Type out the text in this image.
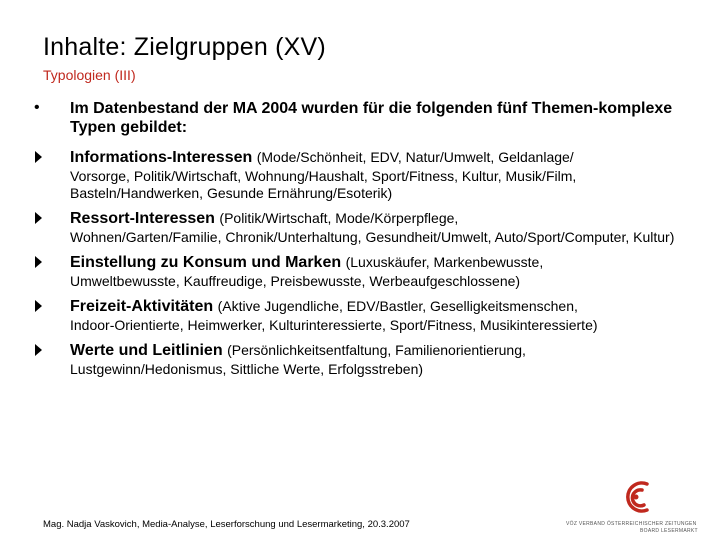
Inhalte: Zielgruppen (XV)
Typologien (III)
• Im Datenbestand der MA 2004 wurden für die folgenden fünf Themen-komplexe Typen gebildet:
Informations-Interessen (Mode/Schönheit, EDV, Natur/Umwelt, Geldanlage/
Vorsorge, Politik/Wirtschaft, Wohnung/Haushalt, Sport/Fitness, Kultur, Musik/Film, Basteln/Handwerken, Gesunde Ernährung/Esoterik)
Ressort-Interessen (Politik/Wirtschaft, Mode/Körperpflege,
Wohnen/Garten/Familie, Chronik/Unterhaltung, Gesundheit/Umwelt, Auto/Sport/Computer, Kultur)
Einstellung zu Konsum und Marken (Luxuskäufer, Markenbewusste,
Umweltbewusste, Kauffreudige, Preisbewusste, Werbeaufgeschlossene)
Freizeit-Aktivitäten (Aktive Jugendliche, EDV/Bastler, Geselligkeitsmenschen,
Indoor-Orientierte, Heimwerker, Kulturinteressierte, Sport/Fitness, Musikinteressierte)
Werte und Leitlinien (Persönlichkeitsentfaltung, Familienorientierung,
Lustgewinn/Hedonismus, Sittliche Werte, Erfolgsstreben)
Mag. Nadja Vaskovich, Media-Analyse, Leserforschung und Lesermarketing, 20.3.2007	VÖZ VERBAND ÖSTERREICHISCHER ZEITUNGEN
BOARD LESERMARKT
